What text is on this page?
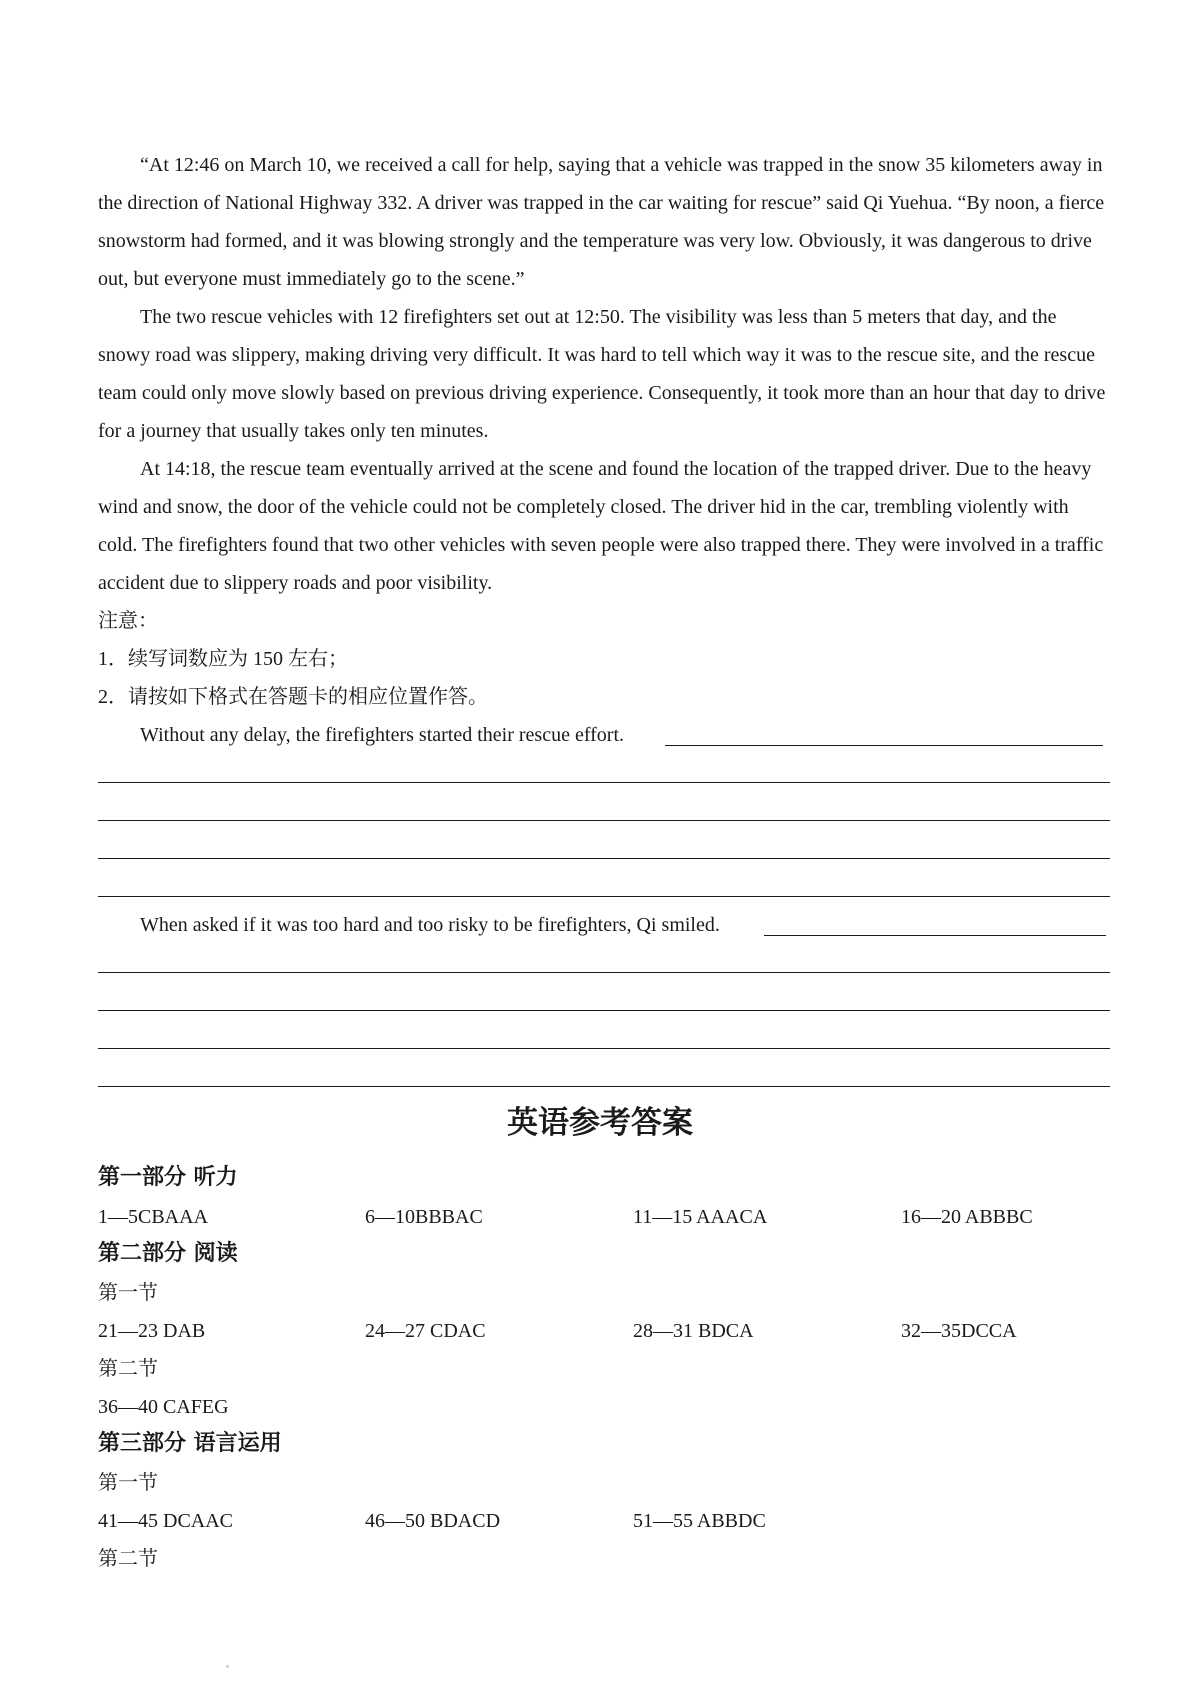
“At 12:46 on March 10, we received a call for help, saying that a vehicle was trapped in the snow 35 kilometers away in the direction of National Highway 332. A driver was trapped in the car waiting for rescue” said Qi Yuehua. “By noon, a fierce snowstorm had formed, and it was blowing strongly and the temperature was very low. Obviously, it was dangerous to drive out, but everyone must immediately go to the scene.”

The two rescue vehicles with 12 firefighters set out at 12:50. The visibility was less than 5 meters that day, and the snowy road was slippery, making driving very difficult. It was hard to tell which way it was to the rescue site, and the rescue team could only move slowly based on previous driving experience. Consequently, it took more than an hour that day to drive for a journey that usually takes only ten minutes.

At 14:18, the rescue team eventually arrived at the scene and found the location of the trapped driver. Due to the heavy wind and snow, the door of the vehicle could not be completely closed. The driver hid in the car, trembling violently with cold. The firefighters found that two other vehicles with seven people were also trapped there. They were involved in a traffic accident due to slippery roads and poor visibility.

注意：
1．续写词数应为 150 左右；
2．请按如下格式在答题卡的相应位置作答。
Without any delay, the firefighters started their rescue effort.
When asked if it was too hard and too risky to be firefighters, Qi smiled.
英语参考答案
第一部分 听力
1—5CBAAA	6—10BBBAC	11—15 AAACA	16—20 ABBBC
第二部分 阅读
第一节
21—23 DAB	24—27 CDAC	28—31 BDCA	32—35DCCA
第二节
36—40 CAFEG
第三部分 语言运用
第一节
41—45 DCAAC	46—50 BDACD	51—55 ABBDC
第二节
